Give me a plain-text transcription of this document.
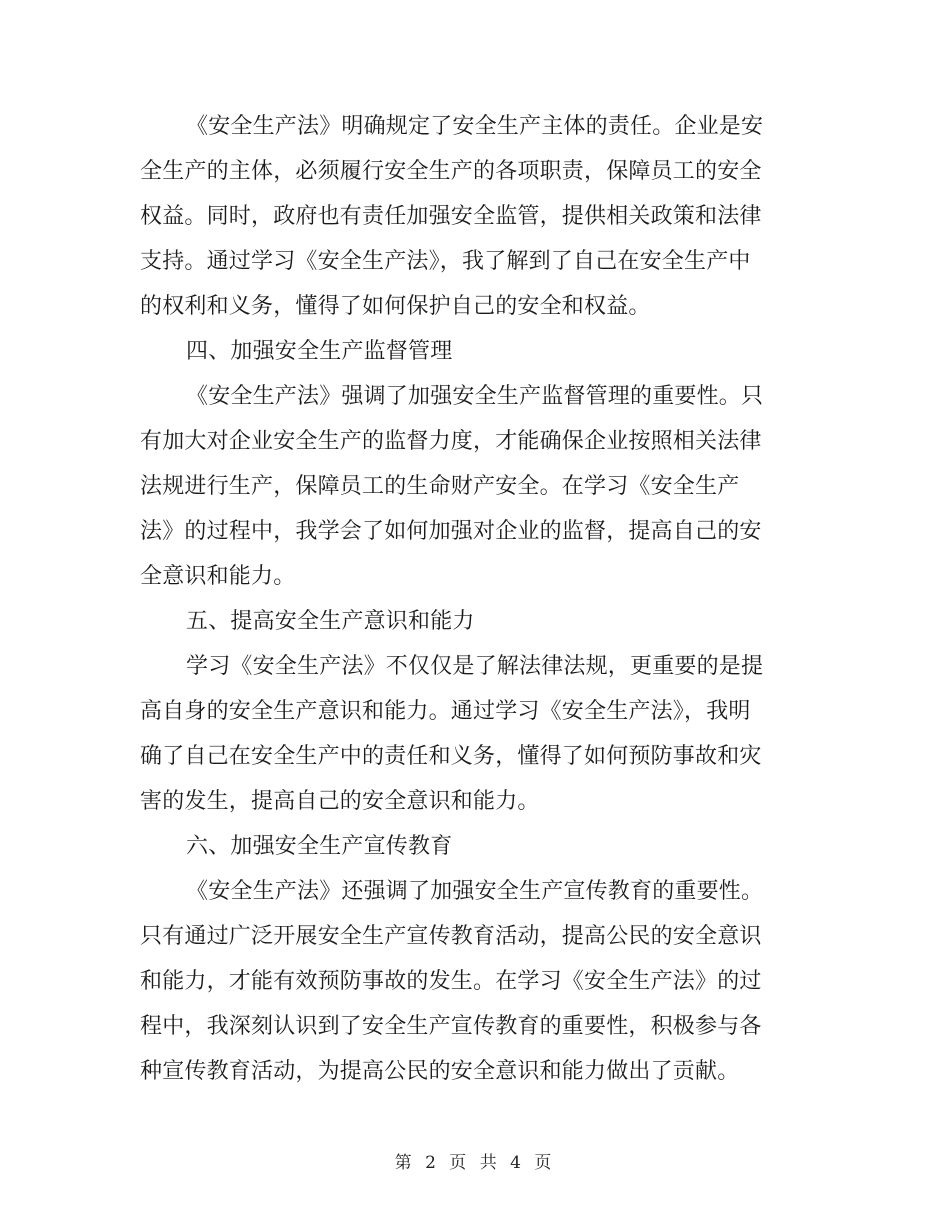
《安全生产法》明确规定了安全生产主体的责任。企业是安
全生产的主体，必须履行安全生产的各项职责，保障员工的安全
权益。同时，政府也有责任加强安全监管，提供相关政策和法律
支持。通过学习《安全生产法》，我了解到了自己在安全生产中
的权利和义务，懂得了如何保护自己的安全和权益。

四、加强安全生产监督管理

《安全生产法》强调了加强安全生产监督管理的重要性。只
有加大对企业安全生产的监督力度，才能确保企业按照相关法律
法规进行生产，保障员工的生命财产安全。在学习《安全生产
法》的过程中，我学会了如何加强对企业的监督，提高自己的安
全意识和能力。

五、提高安全生产意识和能力

学习《安全生产法》不仅仅是了解法律法规，更重要的是提
高自身的安全生产意识和能力。通过学习《安全生产法》，我明
确了自己在安全生产中的责任和义务，懂得了如何预防事故和灾
害的发生，提高自己的安全意识和能力。

六、加强安全生产宣传教育

《安全生产法》还强调了加强安全生产宣传教育的重要性。
只有通过广泛开展安全生产宣传教育活动，提高公民的安全意识
和能力，才能有效预防事故的发生。在学习《安全生产法》的过
程中，我深刻认识到了安全生产宣传教育的重要性，积极参与各
种宣传教育活动，为提高公民的安全意识和能力做出了贡献。

第 2 页 共 4 页
